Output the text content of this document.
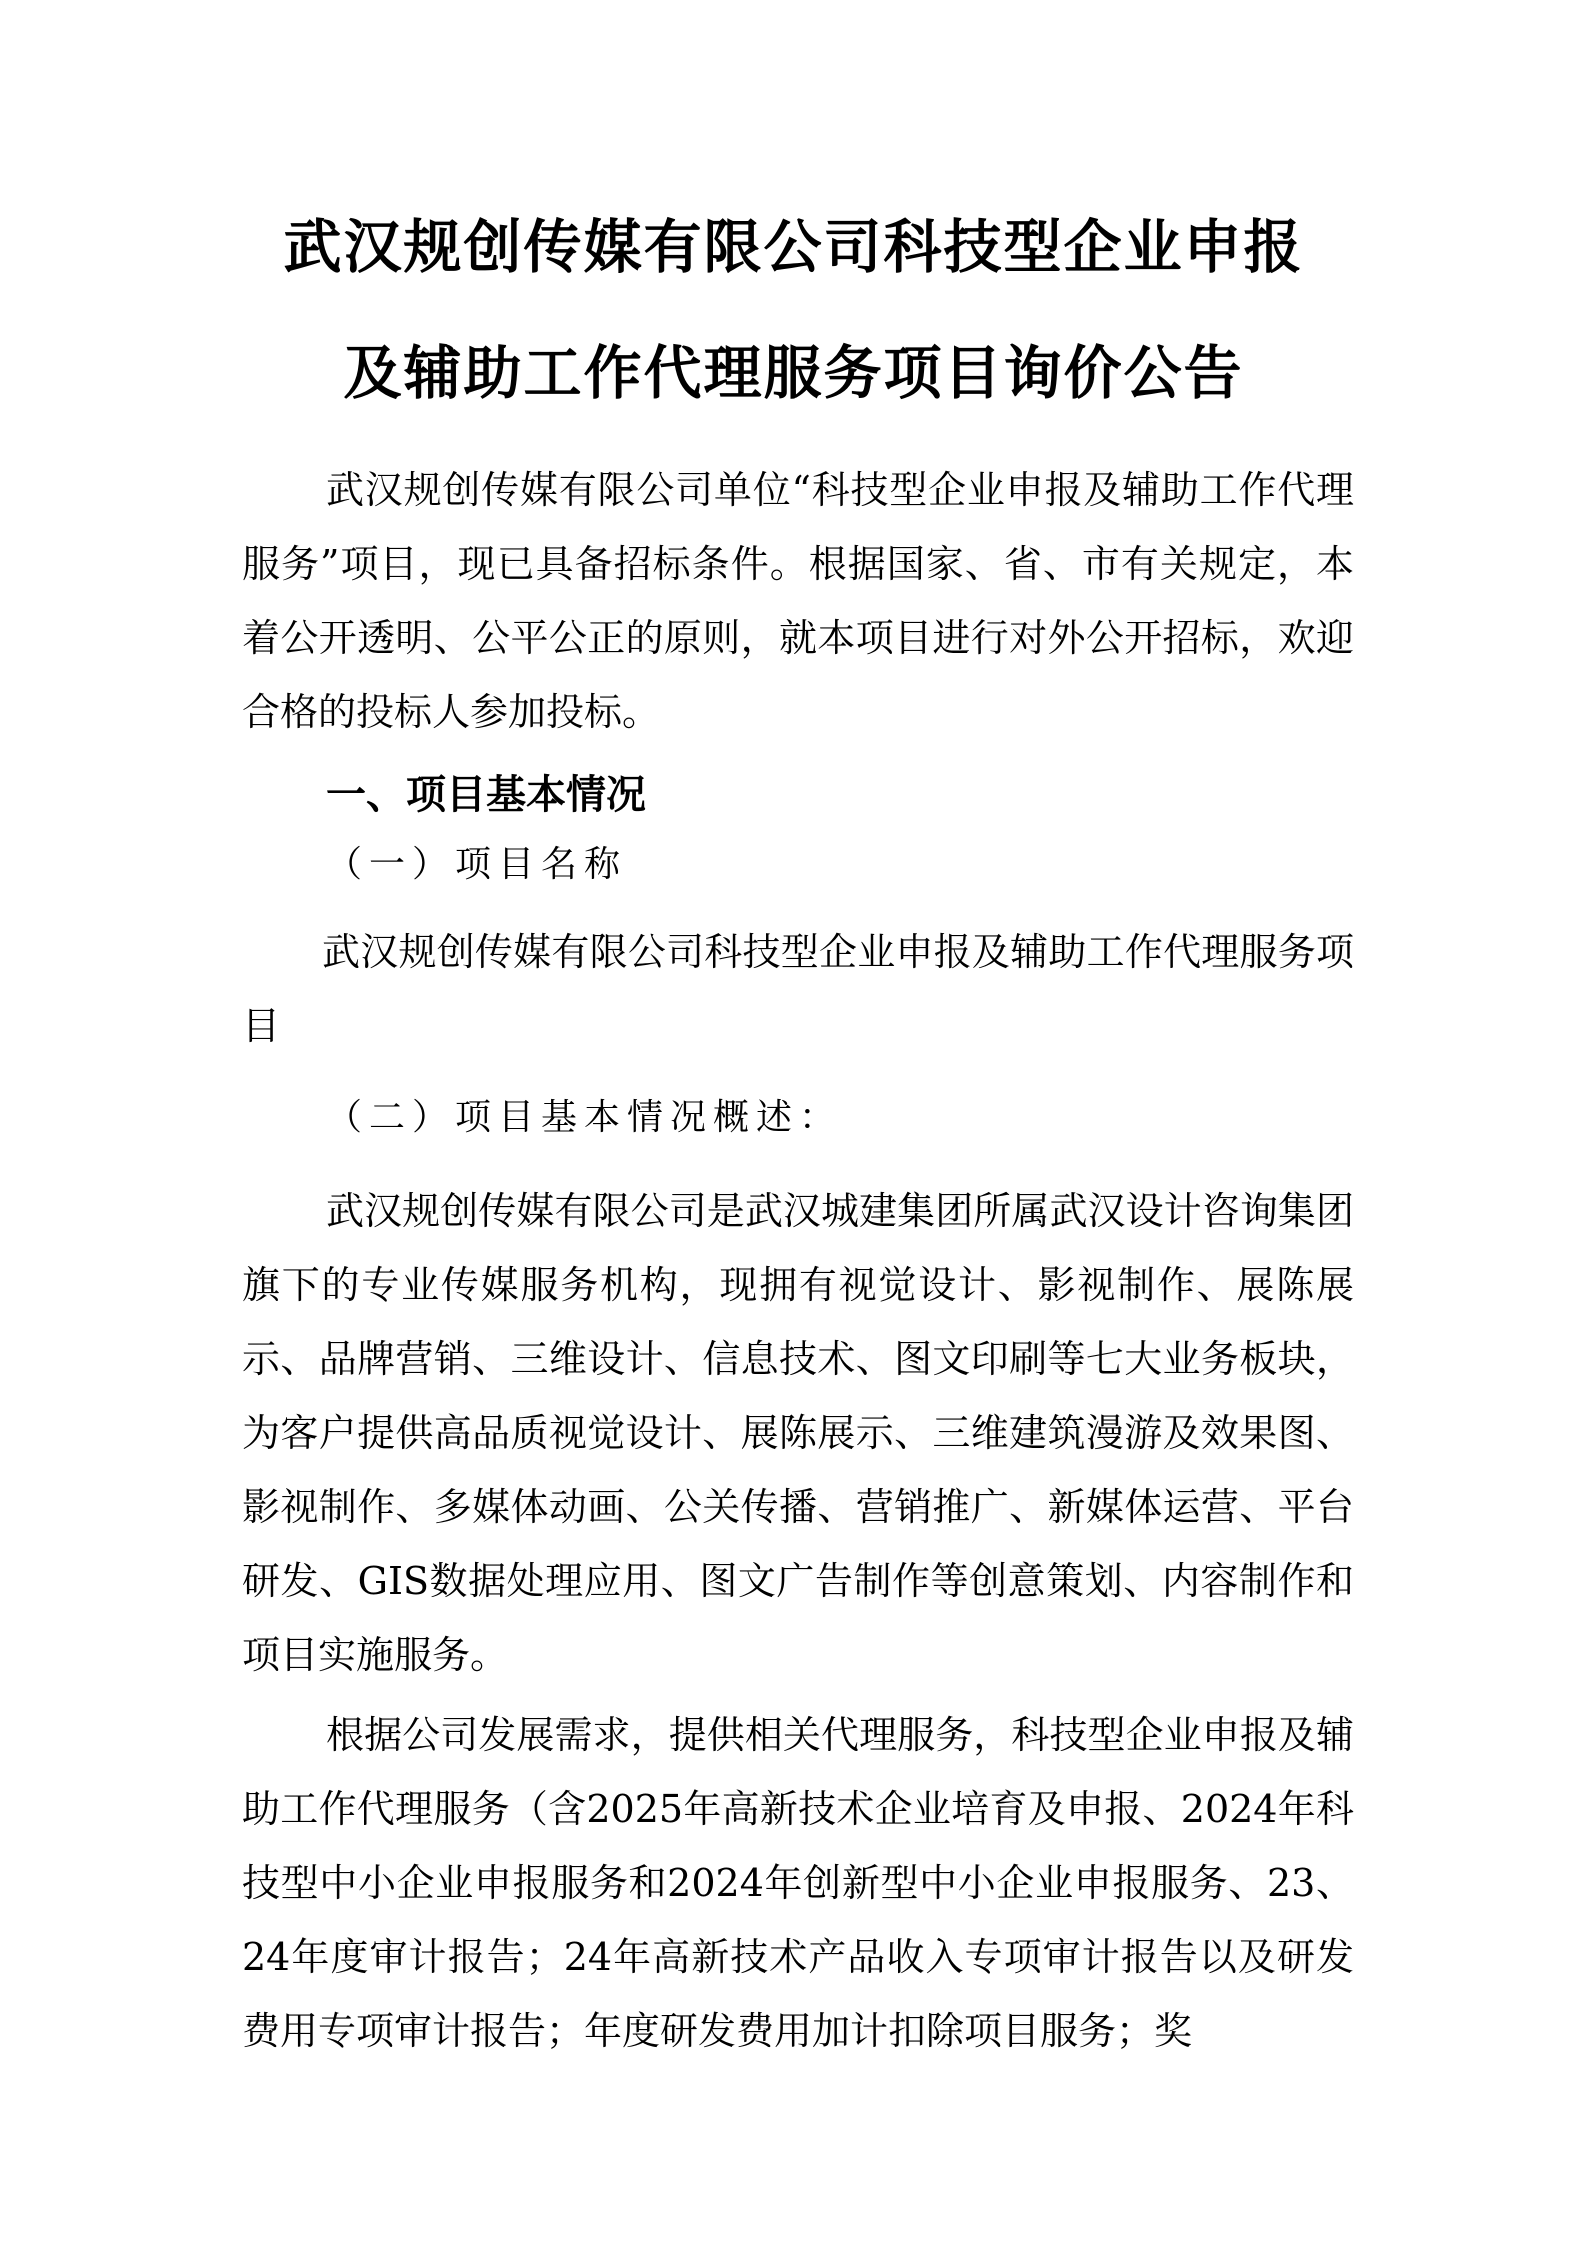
武汉规创传媒有限公司科技型企业申报
及辅助工作代理服务项目询价公告

武汉规创传媒有限公司单位“科技型企业申报及辅助工作代理服务”项目，现已具备招标条件。根据国家、省、市有关规定，本着公开透明、公平公正的原则，就本项目进行对外公开招标，欢迎合格的投标人参加投标。

一、项目基本情况
（一）项目名称

武汉规创传媒有限公司科技型企业申报及辅助工作代理服务项目

（二）项目基本情况概述：

武汉规创传媒有限公司是武汉城建集团所属武汉设计咨询集团旗下的专业传媒服务机构，现拥有视觉设计、影视制作、展陈展示、品牌营销、三维设计、信息技术、图文印刷等七大业务板块，为客户提供高品质视觉设计、展陈展示、三维建筑漫游及效果图、影视制作、多媒体动画、公关传播、营销推广、新媒体运营、平台研发、GIS数据处理应用、图文广告制作等创意策划、内容制作和项目实施服务。

根据公司发展需求，提供相关代理服务，科技型企业申报及辅助工作代理服务（含2025年高新技术企业培育及申报、2024年科技型中小企业申报服务和2024年创新型中小企业申报服务、23、24年度审计报告；24年高新技术产品收入专项审计报告以及研发费用专项审计报告；年度研发费用加计扣除项目服务；奖
